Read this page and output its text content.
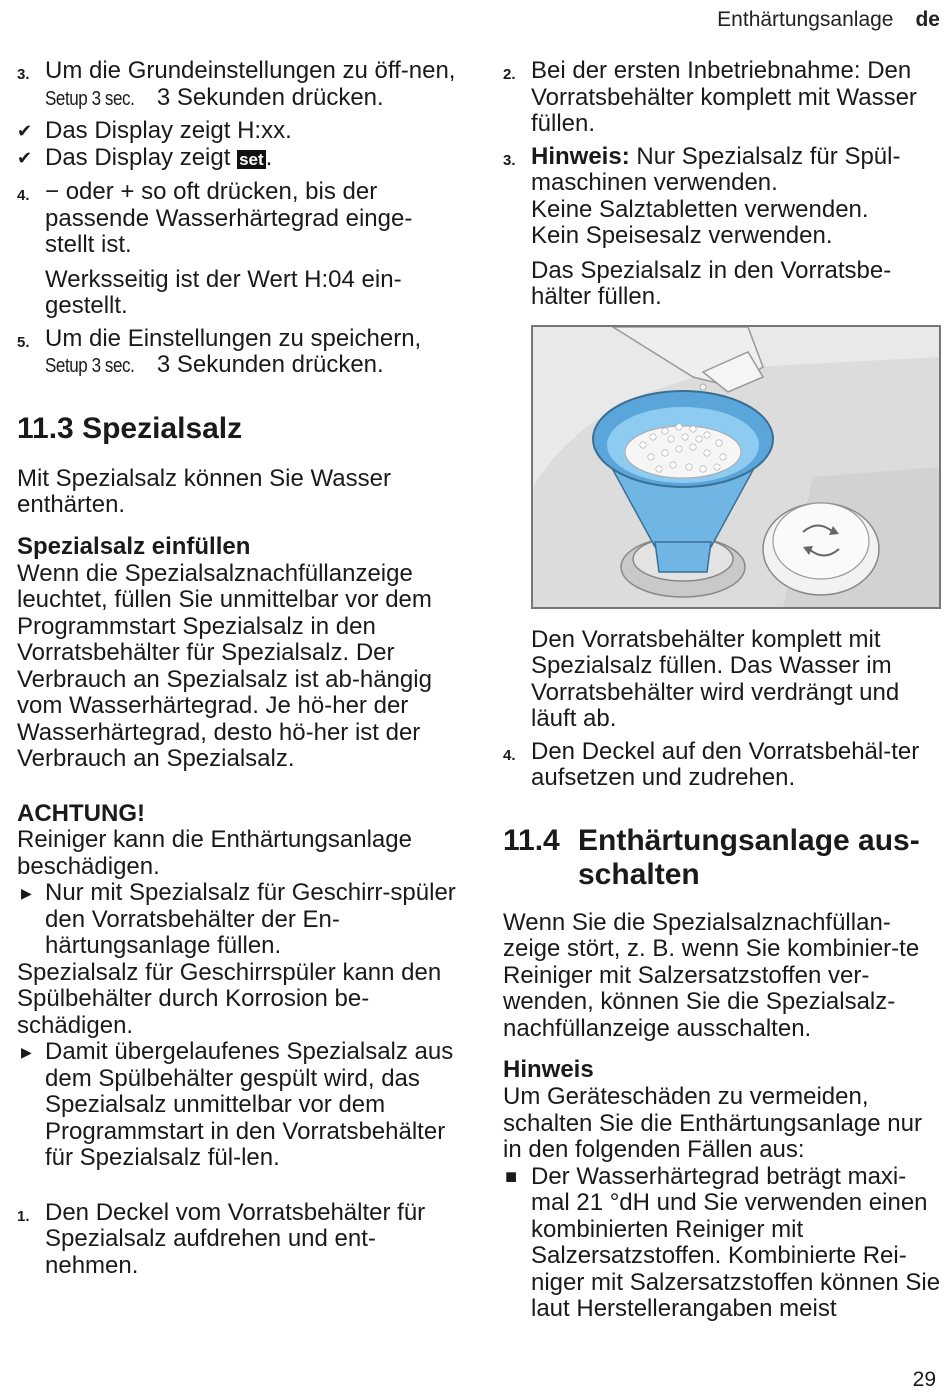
Enthärtungsanlage de
3. Um die Grundeinstellungen zu öff-nen, Setup 3 sec. 3 Sekunden drücken.
✔ Das Display zeigt H:xx.
✔ Das Display zeigt set.
4. − oder + so oft drücken, bis der passende Wasserhärtegrad einge-stellt ist.

Werksseitig ist der Wert H:04 ein-gestellt.

5. Um die Einstellungen zu speichern, Setup 3 sec. 3 Sekunden drücken.
11.3 Spezialsalz

Mit Spezialsalz können Sie Wasser enthärten.

Spezialsalz einfüllen

Wenn die Spezialsalznachfüllanzeige leuchtet, füllen Sie unmittelbar vor dem Programmstart Spezialsalz in den Vorratsbehälter für Spezialsalz. Der Verbrauch an Spezialsalz ist ab-hängig vom Wasserhärtegrad. Je hö-her der Wasserhärtegrad, desto hö-her ist der Verbrauch an Spezialsalz.

ACHTUNG!

Reiniger kann die Enthärtungsanlage beschädigen.

▶ Nur mit Spezialsalz für Geschirr-spüler den Vorratsbehälter der En-härtungsanlage füllen.

Spezialsalz für Geschirrspüler kann den Spülbehälter durch Korrosion be-schädigen.

▶ Damit übergelaufenes Spezialsalz aus dem Spülbehälter gespült wird, das Spezialsalz unmittelbar vor dem Programmstart in den Vorratsbehälter für Spezialsalz fül-len.
1. Den Deckel vom Vorratsbehälter für Spezialsalz aufdrehen und ent-nehmen.
2. Bei der ersten Inbetriebnahme: Den Vorratsbehälter komplett mit Wasser füllen.
3. Hinweis: Nur Spezialsalz für Spül-maschinen verwenden.
Keine Salztabletten verwenden.
Kein Speisesalz verwenden.

Das Spezialsalz in den Vorratsbe-hälter füllen.

Den Vorratsbehälter komplett mit Spezialsalz füllen. Das Wasser im Vorratsbehälter wird verdrängt und läuft ab.

4. Den Deckel auf den Vorratsbehäl-ter aufsetzen und zudrehen.
11.4 Enthärtungsanlage aus-schalten

Wenn Sie die Spezialsalznachfüllan-zeige stört, z. B. wenn Sie kombinier-te Reiniger mit Salzersatzstoffen ver-wenden, können Sie die Spezialsalz-nachfüllanzeige ausschalten.

Hinweis

Um Geräteschäden zu vermeiden, schalten Sie die Enthärtungsanlage nur in den folgenden Fällen aus:

■ Der Wasserhärtegrad beträgt maxi-mal 21 °dH und Sie verwenden einen kombinierten Reiniger mit Salzersatzstoffen. Kombinierte Rei-niger mit Salzersatzstoffen können Sie laut Herstellerangaben meist
29
